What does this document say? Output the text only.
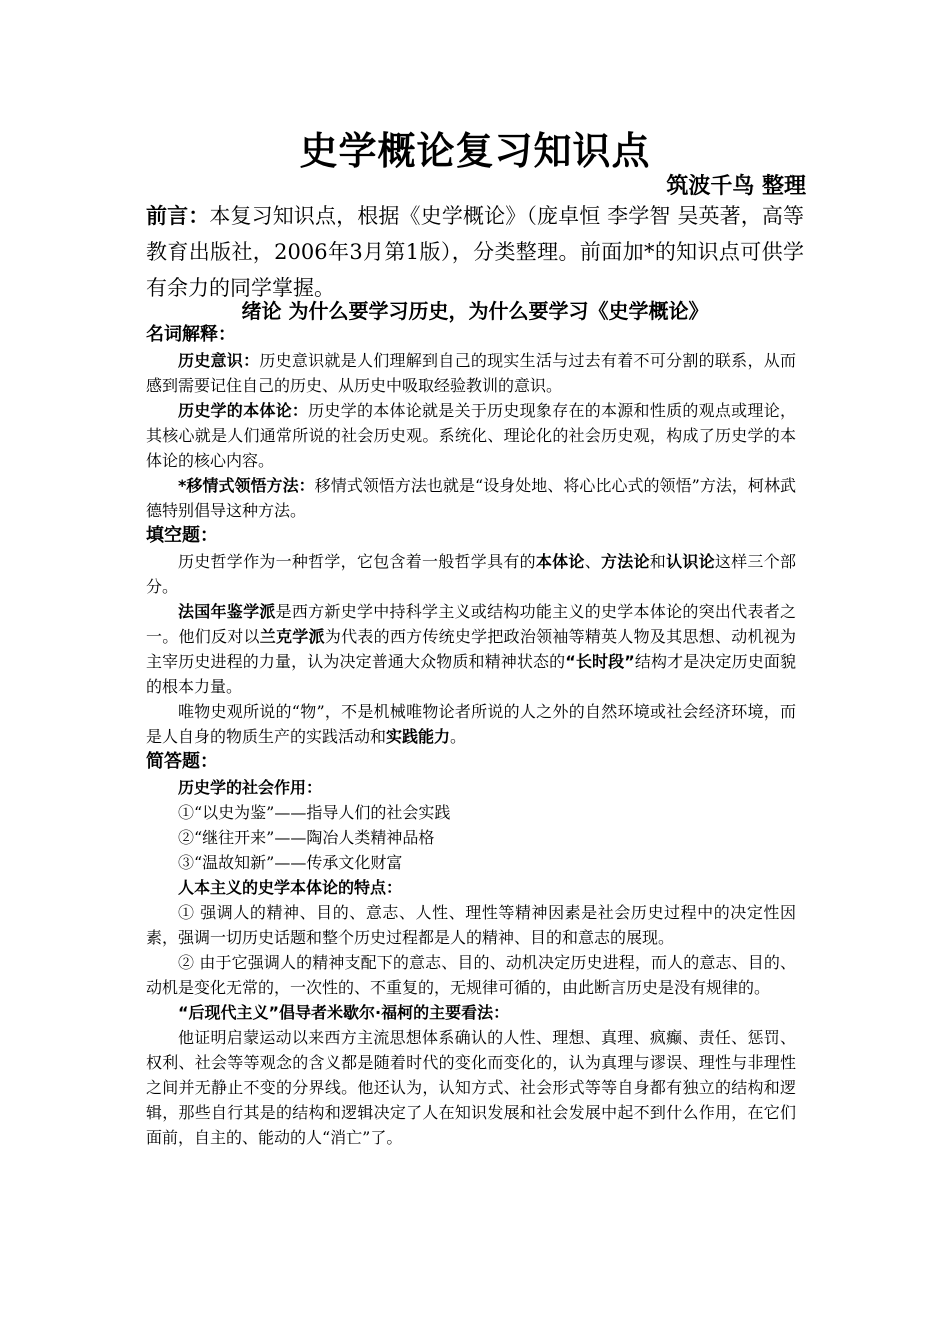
史学概论复习知识点
筑波千鸟 整理

前言：本复习知识点，根据《史学概论》（庞卓恒 李学智 吴英著，高等教育出版社，2006年3月第1版），分类整理。前面加*的知识点可供学有余力的同学掌握。

绪论 为什么要学习历史，为什么要学习《史学概论》
名词解释：

历史意识：历史意识就是人们理解到自己的现实生活与过去有着不可分割的联系，从而感到需要记住自己的历史、从历史中吸取经验教训的意识。

历史学的本体论：历史学的本体论就是关于历史现象存在的本源和性质的观点或理论，其核心就是人们通常所说的社会历史观。系统化、理论化的社会历史观，构成了历史学的本体论的核心内容。

*移情式领悟方法：移情式领悟方法也就是“设身处地、将心比心式的领悟”方法，柯林武德特别倡导这种方法。

填空题：

历史哲学作为一种哲学，它包含着一般哲学具有的本体论、方法论和认识论这样三个部分。

法国年鉴学派是西方新史学中持科学主义或结构功能主义的史学本体论的突出代表者之一。他们反对以兰克学派为代表的西方传统史学把政治领袖等精英人物及其思想、动机视为主宰历史进程的力量，认为决定普通大众物质和精神状态的“长时段”结构才是决定历史面貌的根本力量。

唯物史观所说的“物”，不是机械唯物论者所说的人之外的自然环境或社会经济环境，而是人自身的物质生产的实践活动和实践能力。

简答题：

历史学的社会作用：

①“以史为鉴”——指导人们的社会实践

②“继往开来”——陶冶人类精神品格

③“温故知新”——传承文化财富

人本主义的史学本体论的特点：

① 强调人的精神、目的、意志、人性、理性等精神因素是社会历史过程中的决定性因素，强调一切历史话题和整个历史过程都是人的精神、目的和意志的展现。

② 由于它强调人的精神支配下的意志、目的、动机决定历史进程，而人的意志、目的、动机是变化无常的，一次性的、不重复的，无规律可循的，由此断言历史是没有规律的。

“后现代主义”倡导者米歇尔·福柯的主要看法：

他证明启蒙运动以来西方主流思想体系确认的人性、理想、真理、疯癫、责任、惩罚、权利、社会等等观念的含义都是随着时代的变化而变化的，认为真理与谬误、理性与非理性之间并无静止不变的分界线。他还认为，认知方式、社会形式等等自身都有独立的结构和逻辑，那些自行其是的结构和逻辑决定了人在知识发展和社会发展中起不到什么作用，在它们面前，自主的、能动的人“消亡”了。
